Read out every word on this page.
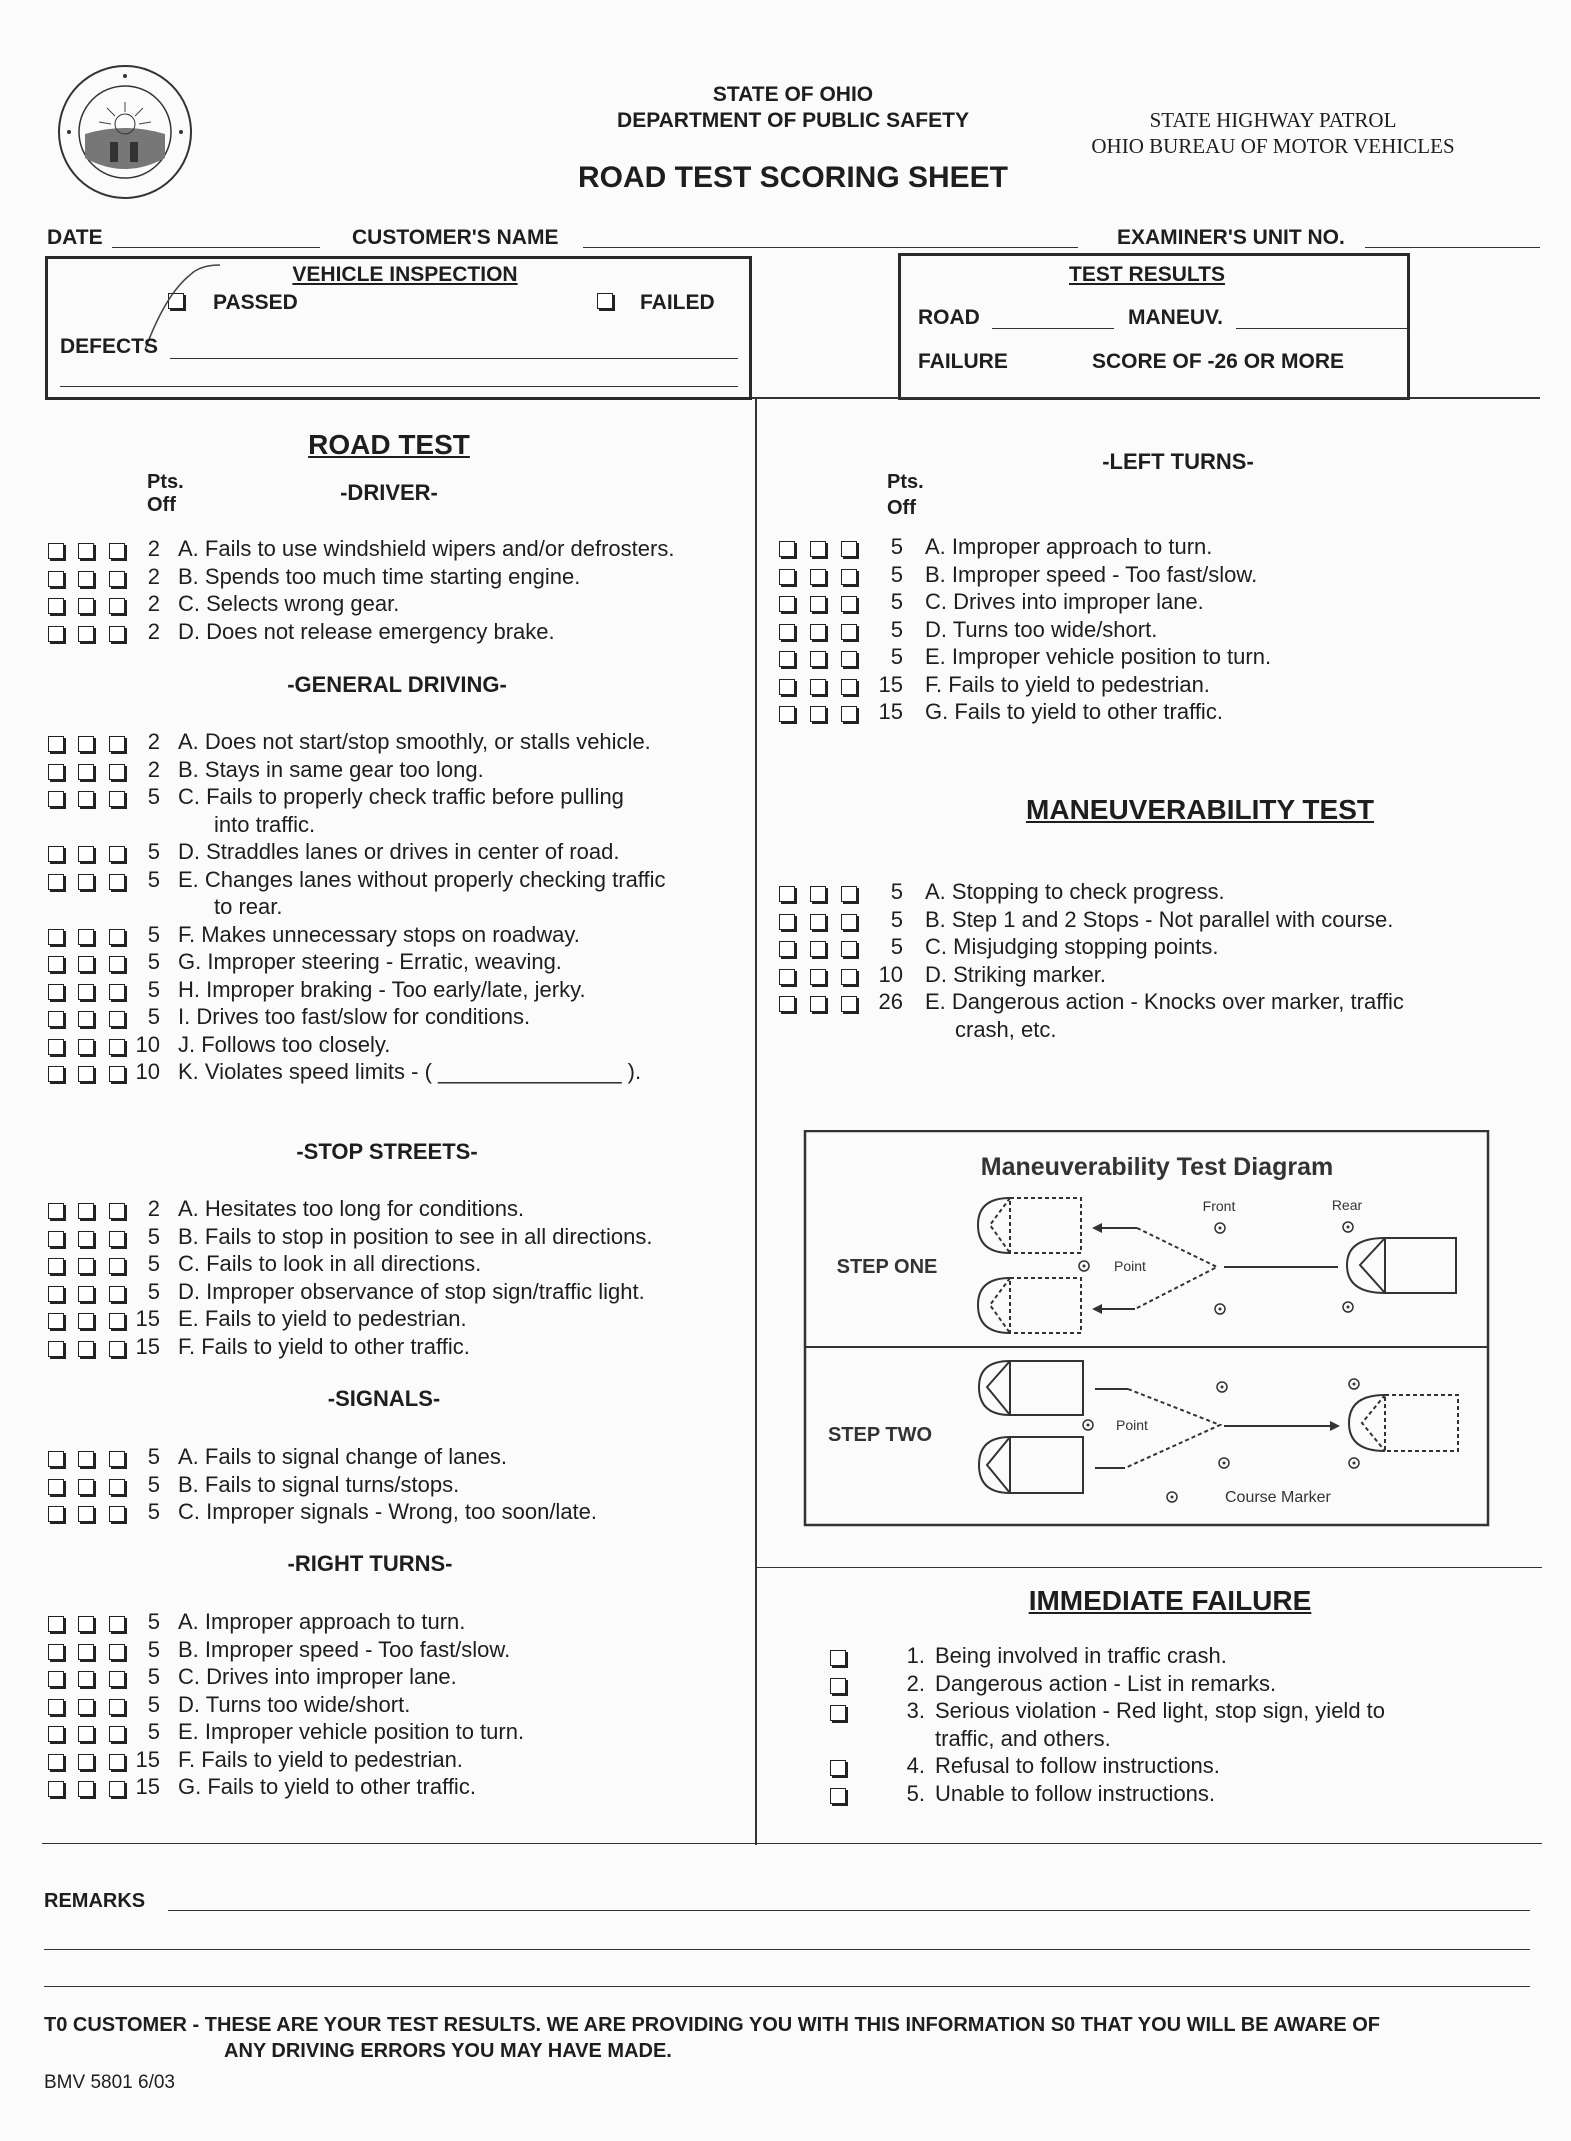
STATE OF OHIO
DEPARTMENT OF PUBLIC SAFETY	STATE HIGHWAY PATROL
OHIO BUREAU OF MOTOR VEHICLES
ROAD TEST SCORING SHEET
DATE	CUSTOMER'S NAME	EXAMINER'S UNIT NO.
VEHICLE INSPECTION
PASSED	FAILED
DEFECTS
TEST RESULTS
ROAD	MANEUV.
FAILURE	SCORE OF -26 OR MORE
ROAD TEST
Pts.
Off	-DRIVER-
-GENERAL DRIVING-
-STOP STREETS-
-SIGNALS-
-RIGHT TURNS-
-LEFT TURNS-
Pts.
Off
MANEUVERABILITY TEST
IMMEDIATE FAILURE
2 A. Fails to use windshield wipers and/or defrosters.
2 B. Spends too much time starting engine.
2 C. Selects wrong gear.
2 D. Does not release emergency brake.
2 A. Does not start/stop smoothly, or stalls vehicle.
2 B. Stays in same gear too long.
5 C. Fails to properly check traffic before pulling
into traffic.
5 D. Straddles lanes or drives in center of road.
5 E. Changes lanes without properly checking traffic
to rear.
5 F. Makes unnecessary stops on roadway.
5 G. Improper steering - Erratic, weaving.
5 H. Improper braking - Too early/late, jerky.
5 I. Drives too fast/slow for conditions.
10 J. Follows too closely.
10 K. Violates speed limits - ( _______________ ).
2 A. Hesitates too long for conditions.
5 B. Fails to stop in position to see in all directions.
5 C. Fails to look in all directions.
5 D. Improper observance of stop sign/traffic light.
15 E. Fails to yield to pedestrian.
15 F. Fails to yield to other traffic.
5 A. Fails to signal change of lanes.
5 B. Fails to signal turns/stops.
5 C. Improper signals - Wrong, too soon/late.
5 A. Improper approach to turn.
5 B. Improper speed - Too fast/slow.
5 C. Drives into improper lane.
5 D. Turns too wide/short.
5 E. Improper vehicle position to turn.
15 F. Fails to yield to pedestrian.
15 G. Fails to yield to other traffic.
5 A. Improper approach to turn.
5 B. Improper speed - Too fast/slow.
5 C. Drives into improper lane.
5 D. Turns too wide/short.
5 E. Improper vehicle position to turn.
15 F. Fails to yield to pedestrian.
15 G. Fails to yield to other traffic.
5 A. Stopping to check progress.
5 B. Step 1 and 2 Stops - Not parallel with course.
5 C. Misjudging stopping points.
10 D. Striking marker.
26 E. Dangerous action - Knocks over marker, traffic
crash, etc.
1. Being involved in traffic crash.
2. Dangerous action - List in remarks.
3. Serious violation - Red light, stop sign, yield to
traffic, and others.
4. Refusal to follow instructions.
5. Unable to follow instructions.
Maneuverability Test Diagram
Front	Rear
Point
Point
Course Marker
STEP ONE
STEP TWO
REMARKS
T0 CUSTOMER - THESE ARE YOUR TEST RESULTS. WE ARE PROVIDING YOU WITH THIS INFORMATION S0 THAT YOU WILL BE AWARE OF
ANY DRIVING ERRORS YOU MAY HAVE MADE.
BMV 5801 6/03
